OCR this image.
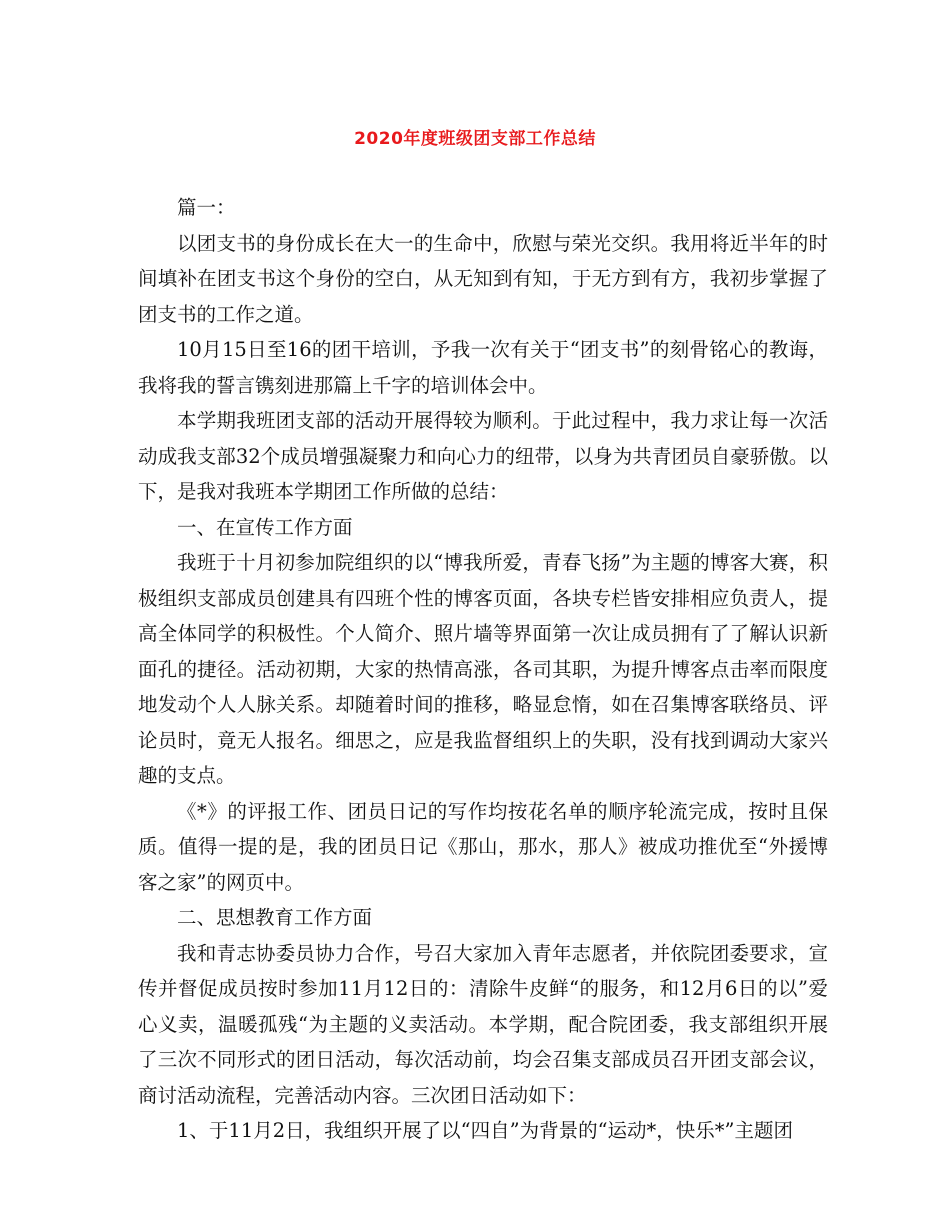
2020年度班级团支部工作总结

篇一：

以团支书的身份成长在大一的生命中，欣慰与荣光交织。我用将近半年的时间填补在团支书这个身份的空白，从无知到有知，于无方到有方，我初步掌握了团支书的工作之道。

10月15日至16的团干培训，予我一次有关于“团支书”的刻骨铭心的教诲，我将我的誓言镌刻进那篇上千字的培训体会中。

本学期我班团支部的活动开展得较为顺利。于此过程中，我力求让每一次活动成我支部32个成员增强凝聚力和向心力的纽带，以身为共青团员自豪骄傲。以下，是我对我班本学期团工作所做的总结：

一、在宣传工作方面

我班于十月初参加院组织的以“博我所爱，青春飞扬”为主题的博客大赛，积极组织支部成员创建具有四班个性的博客页面，各块专栏皆安排相应负责人，提高全体同学的积极性。个人简介、照片墙等界面第一次让成员拥有了了解认识新面孔的捷径。活动初期，大家的热情高涨，各司其职，为提升博客点击率而限度地发动个人人脉关系。却随着时间的推移，略显怠惰，如在召集博客联络员、评论员时，竟无人报名。细思之，应是我监督组织上的失职，没有找到调动大家兴趣的支点。

《*》的评报工作、团员日记的写作均按花名单的顺序轮流完成，按时且保质。值得一提的是，我的团员日记《那山，那水，那人》被成功推优至“外援博客之家”的网页中。

二、思想教育工作方面

我和青志协委员协力合作，号召大家加入青年志愿者，并依院团委要求，宣传并督促成员按时参加11月12日的：清除牛皮鲜“的服务，和12月6日的以”爱心义卖，温暖孤残“为主题的义卖活动。本学期，配合院团委，我支部组织开展了三次不同形式的团日活动，每次活动前，均会召集支部成员召开团支部会议，商讨活动流程，完善活动内容。三次团日活动如下：

1、于11月2日，我组织开展了以“四自”为背景的“运动*，快乐*”主题团
